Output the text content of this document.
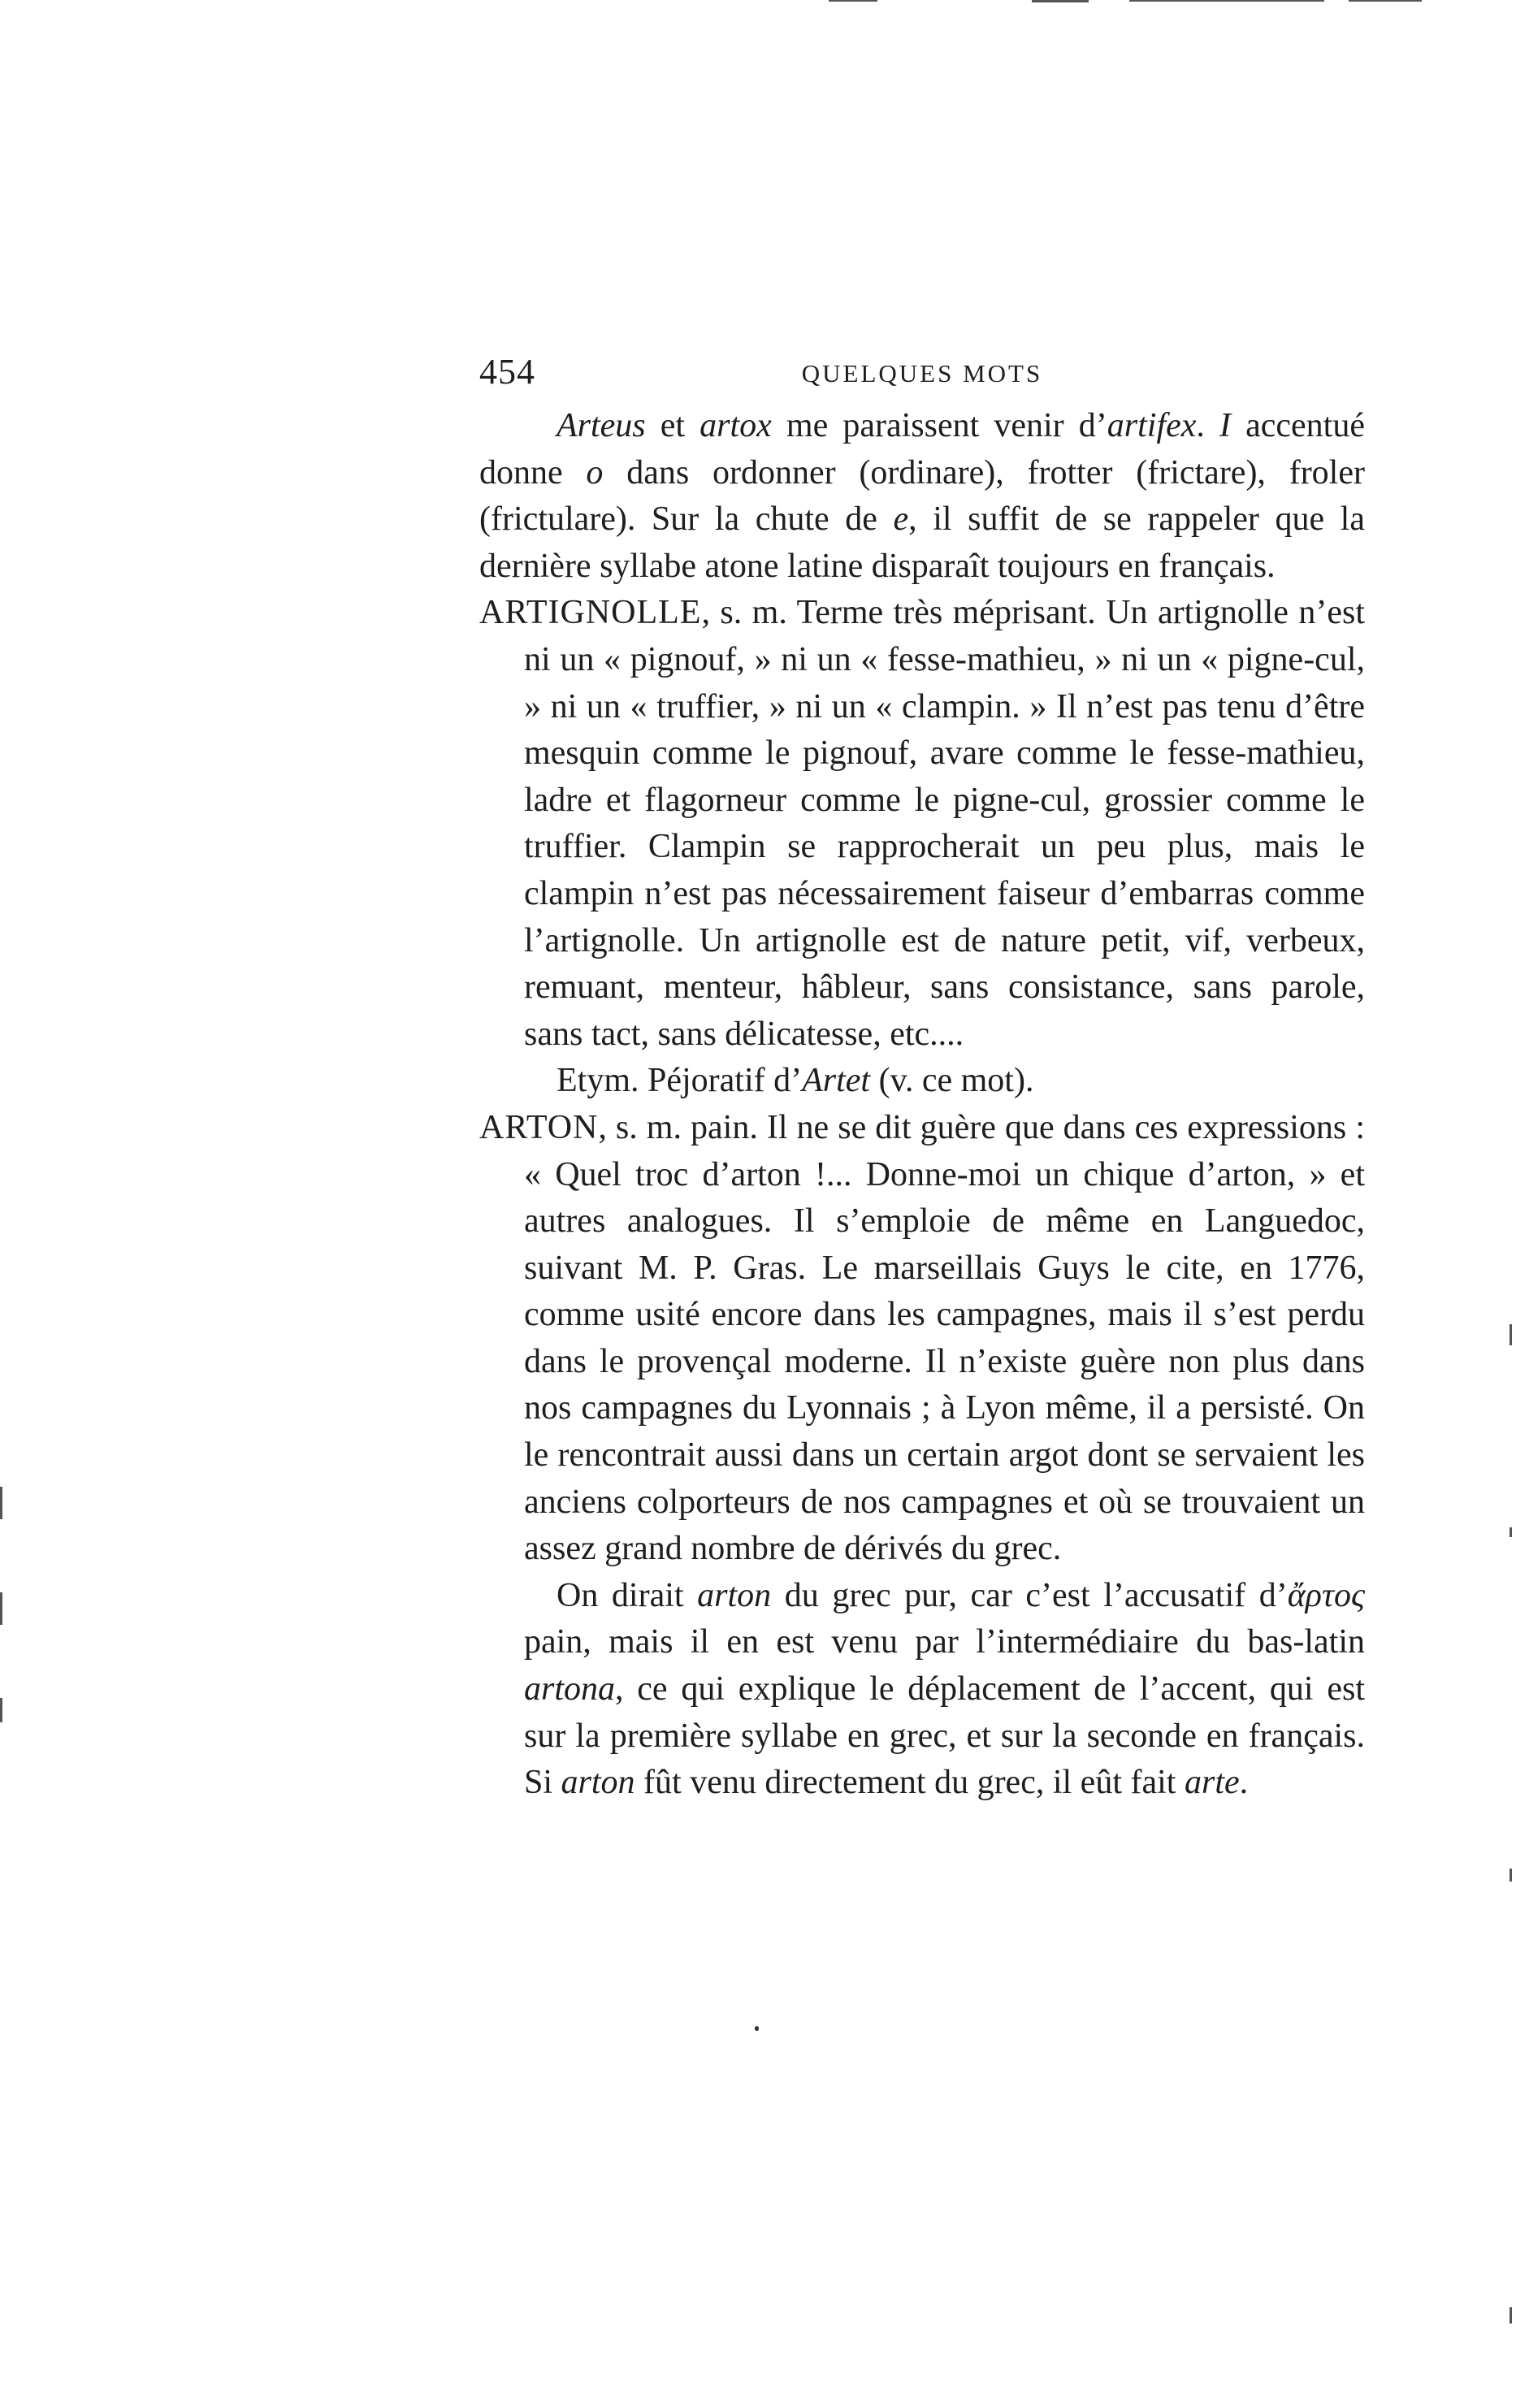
454	QUELQUES MOTS

Arteus et artox me paraissent venir d’artifex. I accentué donne o dans ordonner (ordinare), frotter (frictare), froler (frictulare). Sur la chute de e, il suffit de se rappeler que la dernière syllabe atone latine disparaît toujours en français.

ARTIGNOLLE, s. m. Terme très méprisant. Un artignolle n’est ni un « pignouf, » ni un « fesse-mathieu, » ni un « pigne-cul, » ni un « truffier, » ni un « clampin. » Il n’est pas tenu d’être mesquin comme le pignouf, avare comme le fesse-mathieu, ladre et flagorneur comme le pigne-cul, grossier comme le truffier. Clampin se rapprocherait un peu plus, mais le clampin n’est pas nécessairement faiseur d’embarras comme l’artignolle. Un artignolle est de nature petit, vif, verbeux, remuant, menteur, hâbleur, sans consistance, sans parole, sans tact, sans délicatesse, etc....

Etym. Péjoratif d’Artet (v. ce mot).

ARTON, s. m. pain. Il ne se dit guère que dans ces expressions : « Quel troc d’arton !... Donne-moi un chique d’arton, » et autres analogues. Il s’emploie de même en Languedoc, suivant M. P. Gras. Le marseillais Guys le cite, en 1776, comme usité encore dans les campagnes, mais il s’est perdu dans le provençal moderne. Il n’existe guère non plus dans nos campagnes du Lyonnais ; à Lyon même, il a persisté. On le rencontrait aussi dans un certain argot dont se servaient les anciens colporteurs de nos campagnes et où se trouvaient un assez grand nombre de dérivés du grec.

On dirait arton du grec pur, car c’est l’accusatif d’ἄρτος pain, mais il en est venu par l’intermédiaire du bas-latin artona, ce qui explique le déplacement de l’accent, qui est sur la première syllabe en grec, et sur la seconde en français. Si arton fût venu directement du grec, il eût fait arte.
